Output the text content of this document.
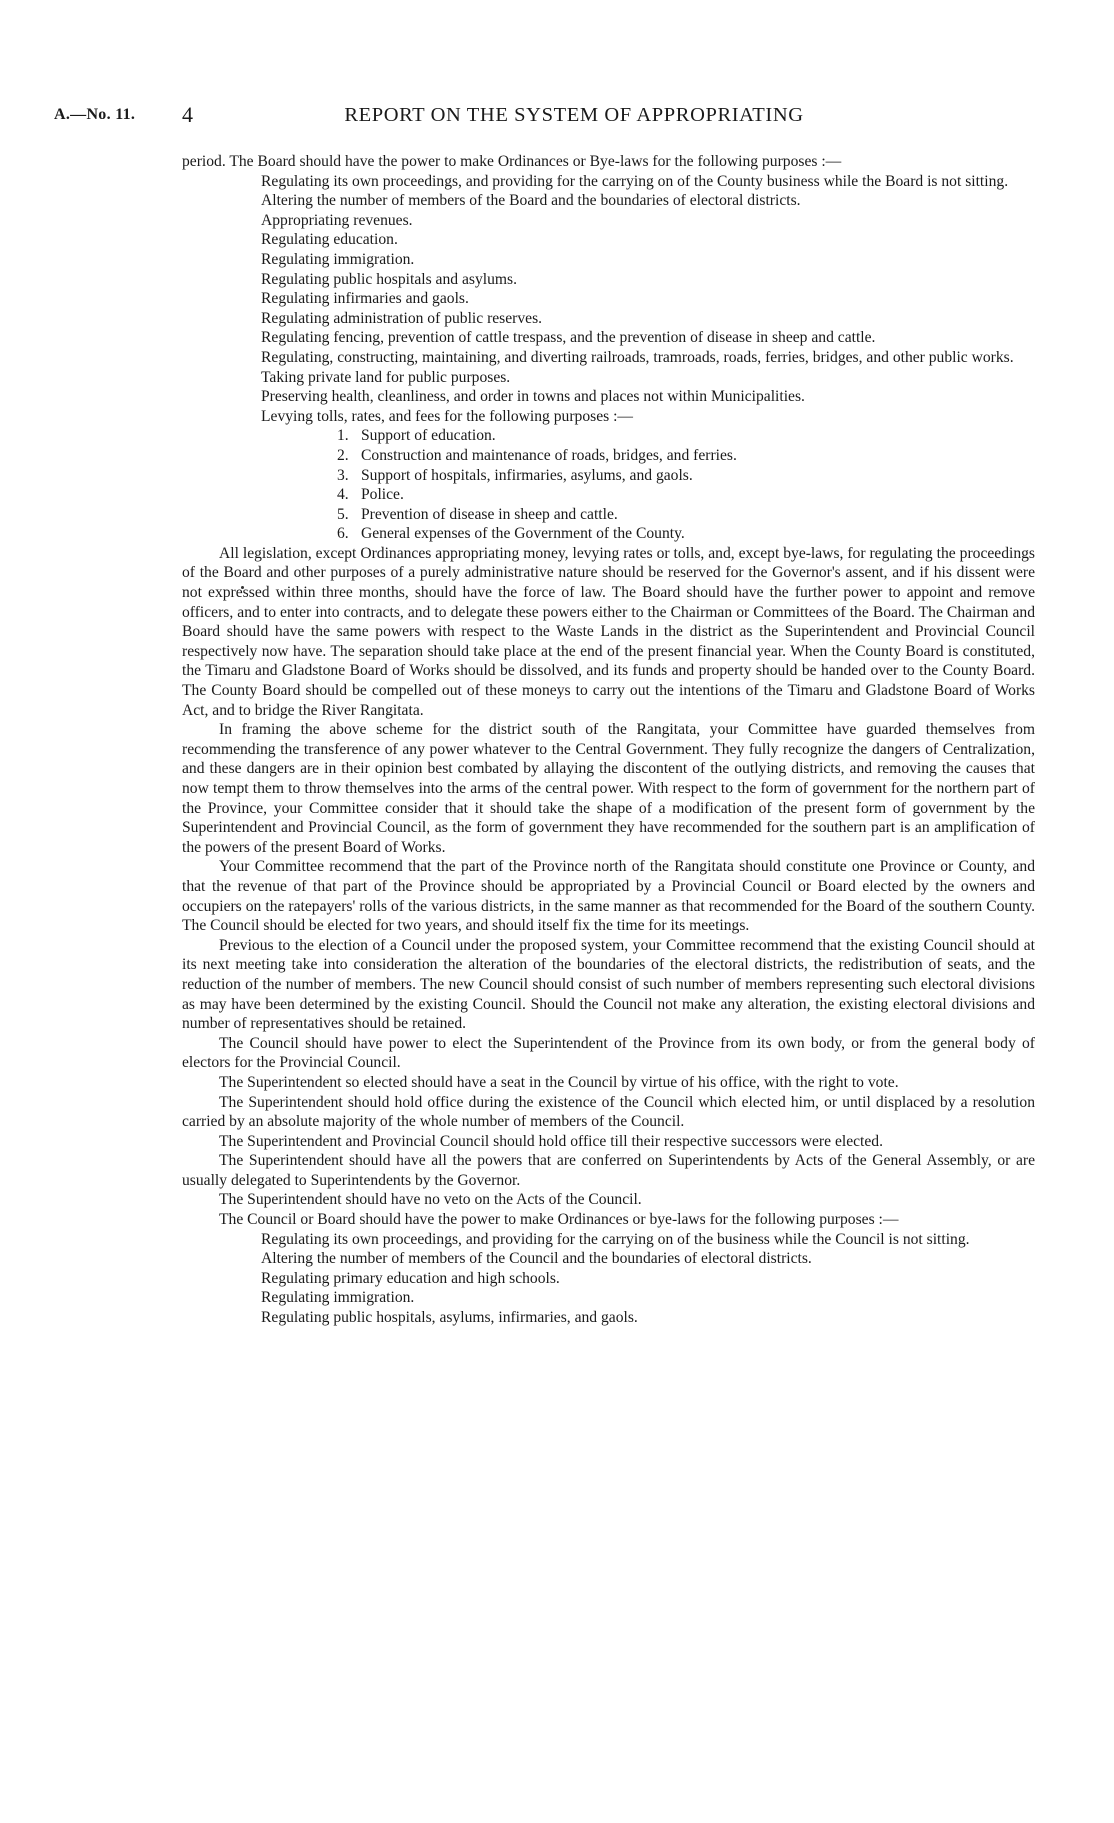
A.—No. 11. 4	REPORT ON THE SYSTEM OF APPROPRIATING

period. The Board should have the power to make Ordinances or Bye-laws for the following purposes :—

Regulating its own proceedings, and providing for the carrying on of the County business while the Board is not sitting.
Altering the number of members of the Board and the boundaries of electoral districts.
Appropriating revenues.
Regulating education.
Regulating immigration.
Regulating public hospitals and asylums.
Regulating infirmaries and gaols.
Regulating administration of public reserves.
Regulating fencing, prevention of cattle trespass, and the prevention of disease in sheep and cattle.
Regulating, constructing, maintaining, and diverting railroads, tramroads, roads, ferries, bridges, and other public works.
Taking private land for public purposes.
Preserving health, cleanliness, and order in towns and places not within Municipalities.
Levying tolls, rates, and fees for the following purposes :—
1. Support of education.
2. Construction and maintenance of roads, bridges, and ferries.
3. Support of hospitals, infirmaries, asylums, and gaols.
4. Police.
5. Prevention of disease in sheep and cattle.
6. General expenses of the Government of the County.

All legislation, except Ordinances appropriating money, levying rates or tolls, and, except bye-laws, for regulating the proceedings of the Board and other purposes of a purely administrative nature should be reserved for the Governor's assent, and if his dissent were not expressed within three months, should have the force of law. The Board should have the further power to appoint and remove officers, and to enter into contracts, and to delegate these powers either to the Chairman or Committees of the Board. The Chairman and Board should have the same powers with respect to the Waste Lands in the district as the Superintendent and Provincial Council respectively now have. The separation should take place at the end of the present financial year. When the County Board is constituted, the Timaru and Gladstone Board of Works should be dissolved, and its funds and property should be handed over to the County Board. The County Board should be compelled out of these moneys to carry out the intentions of the Timaru and Gladstone Board of Works Act, and to bridge the River Rangitata.

In framing the above scheme for the district south of the Rangitata, your Committee have guarded themselves from recommending the transference of any power whatever to the Central Government. They fully recognize the dangers of Centralization, and these dangers are in their opinion best combated by allaying the discontent of the outlying districts, and removing the causes that now tempt them to throw themselves into the arms of the central power. With respect to the form of government for the northern part of the Province, your Committee consider that it should take the shape of a modification of the present form of government by the Superintendent and Provincial Council, as the form of government they have recommended for the southern part is an amplification of the powers of the present Board of Works.

Your Committee recommend that the part of the Province north of the Rangitata should constitute one Province or County, and that the revenue of that part of the Province should be appropriated by a Provincial Council or Board elected by the owners and occupiers on the ratepayers' rolls of the various districts, in the same manner as that recommended for the Board of the southern County. The Council should be elected for two years, and should itself fix the time for its meetings.

Previous to the election of a Council under the proposed system, your Committee recommend that the existing Council should at its next meeting take into consideration the alteration of the boundaries of the electoral districts, the redistribution of seats, and the reduction of the number of members. The new Council should consist of such number of members representing such electoral divisions as may have been determined by the existing Council. Should the Council not make any alteration, the existing electoral divisions and number of representatives should be retained.

The Council should have power to elect the Superintendent of the Province from its own body, or from the general body of electors for the Provincial Council.

The Superintendent so elected should have a seat in the Council by virtue of his office, with the right to vote.

The Superintendent should hold office during the existence of the Council which elected him, or until displaced by a resolution carried by an absolute majority of the whole number of members of the Council.

The Superintendent and Provincial Council should hold office till their respective successors were elected.

The Superintendent should have all the powers that are conferred on Superintendents by Acts of the General Assembly, or are usually delegated to Superintendents by the Governor.

The Superintendent should have no veto on the Acts of the Council.

The Council or Board should have the power to make Ordinances or bye-laws for the following purposes :—

Regulating its own proceedings, and providing for the carrying on of the business while the Council is not sitting.
Altering the number of members of the Council and the boundaries of electoral districts.
Regulating primary education and high schools.
Regulating immigration.
Regulating public hospitals, asylums, infirmaries, and gaols.
